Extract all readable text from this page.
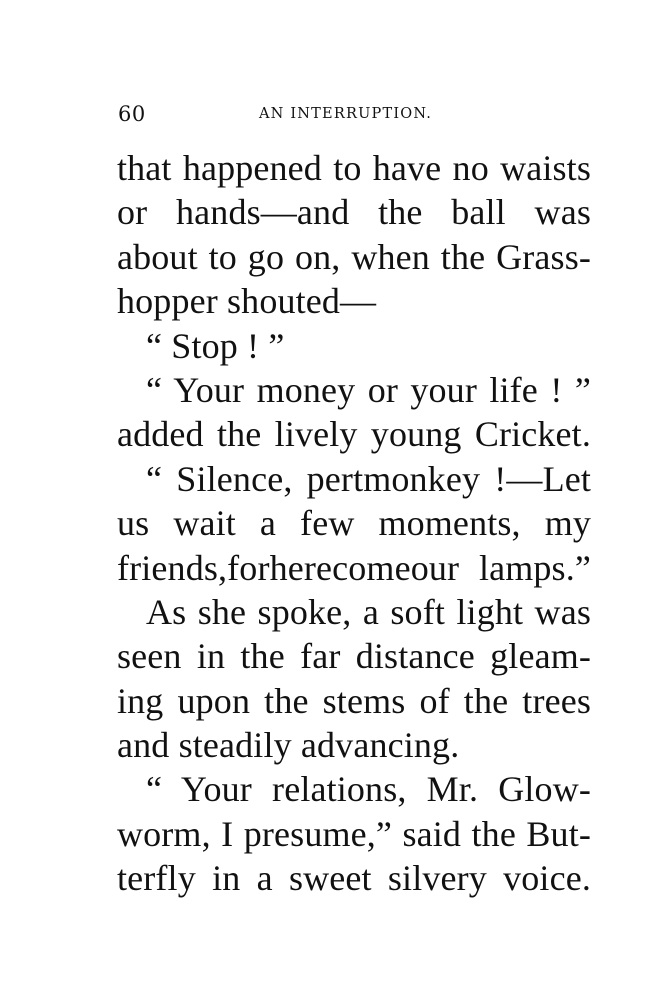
60	AN INTERRUPTION.
that happened to have no waists
or hands—and the ball was
about to go on, when the Grass-
hopper shouted—
“ Stop ! ”
“ Your money or your life ! ”
added the lively young Cricket.
“ Silence, pertmonkey !—Let
us wait a few moments, my
friends,forherecomeour lamps.”
As she spoke, a soft light was
seen in the far distance gleam-
ing upon the stems of the trees
and steadily advancing.
“ Your relations, Mr. Glow-
worm, I presume,” said the But-
terfly in a sweet silvery voice.
